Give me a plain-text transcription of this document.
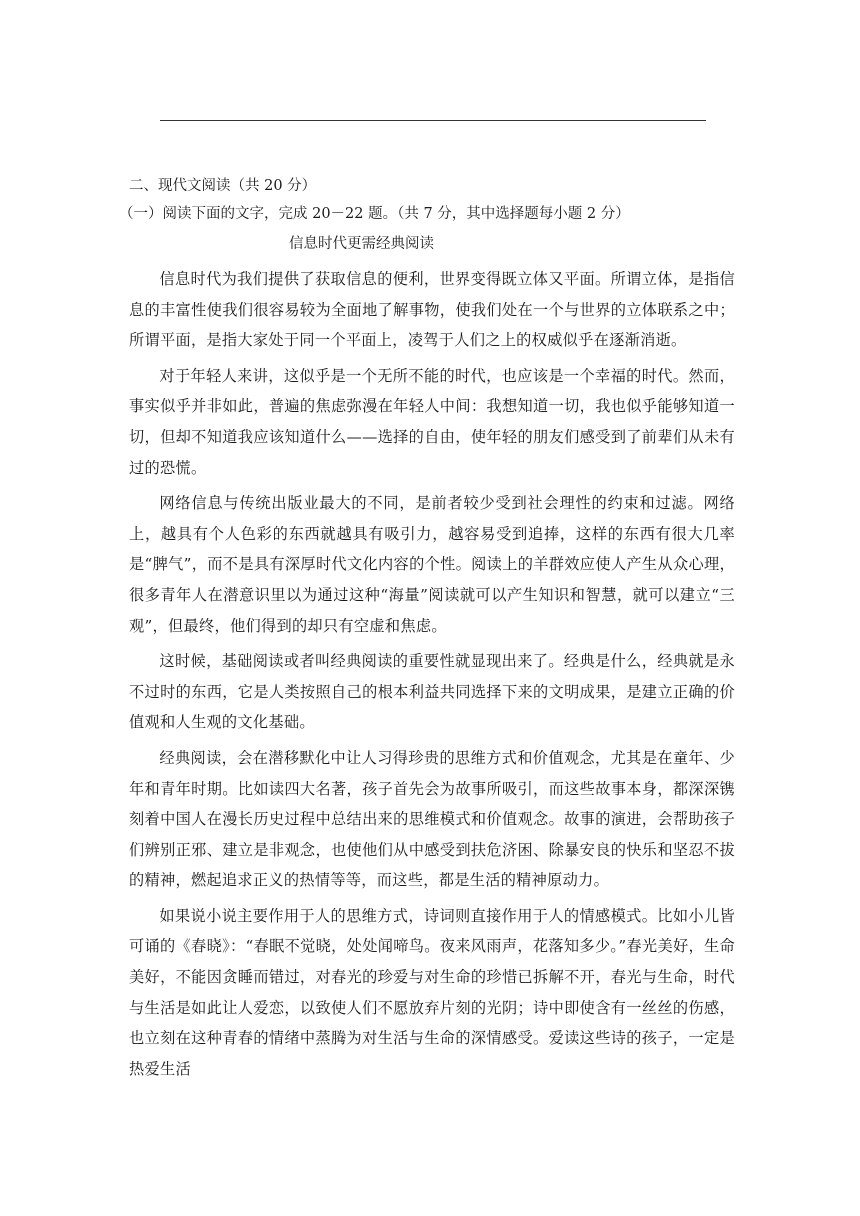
二、现代文阅读（共 20 分）
（一）阅读下面的文字，完成 20－22 题。（共 7 分，其中选择题每小题 2 分）
信息时代更需经典阅读

信息时代为我们提供了获取信息的便利，世界变得既立体又平面。所谓立体，是指信息的丰富性使我们很容易较为全面地了解事物，使我们处在一个与世界的立体联系之中；所谓平面，是指大家处于同一个平面上，凌驾于人们之上的权威似乎在逐渐消逝。

对于年轻人来讲，这似乎是一个无所不能的时代，也应该是一个幸福的时代。然而，事实似乎并非如此，普遍的焦虑弥漫在年轻人中间：我想知道一切，我也似乎能够知道一切，但却不知道我应该知道什么——选择的自由，使年轻的朋友们感受到了前辈们从未有过的恐慌。

网络信息与传统出版业最大的不同，是前者较少受到社会理性的约束和过滤。网络上，越具有个人色彩的东西就越具有吸引力，越容易受到追捧，这样的东西有很大几率是“脾气”，而不是具有深厚时代文化内容的个性。阅读上的羊群效应使人产生从众心理，很多青年人在潜意识里以为通过这种“海量”阅读就可以产生知识和智慧，就可以建立“三观”，但最终，他们得到的却只有空虚和焦虑。

这时候，基础阅读或者叫经典阅读的重要性就显现出来了。经典是什么，经典就是永不过时的东西，它是人类按照自己的根本利益共同选择下来的文明成果，是建立正确的价值观和人生观的文化基础。

经典阅读，会在潜移默化中让人习得珍贵的思维方式和价值观念，尤其是在童年、少年和青年时期。比如读四大名著，孩子首先会为故事所吸引，而这些故事本身，都深深镌刻着中国人在漫长历史过程中总结出来的思维模式和价值观念。故事的演进，会帮助孩子们辨别正邪、建立是非观念，也使他们从中感受到扶危济困、除暴安良的快乐和坚忍不拔的精神，燃起追求正义的热情等等，而这些，都是生活的精神原动力。

如果说小说主要作用于人的思维方式，诗词则直接作用于人的情感模式。比如小儿皆可诵的《春晓》：“春眠不觉晓，处处闻啼鸟。夜来风雨声，花落知多少。”春光美好，生命美好，不能因贪睡而错过，对春光的珍爱与对生命的珍惜已拆解不开，春光与生命，时代与生活是如此让人爱恋，以致使人们不愿放弃片刻的光阴；诗中即使含有一丝丝的伤感，也立刻在这种青春的情绪中蒸腾为对生活与生命的深情感受。爱读这些诗的孩子，一定是热爱生活
